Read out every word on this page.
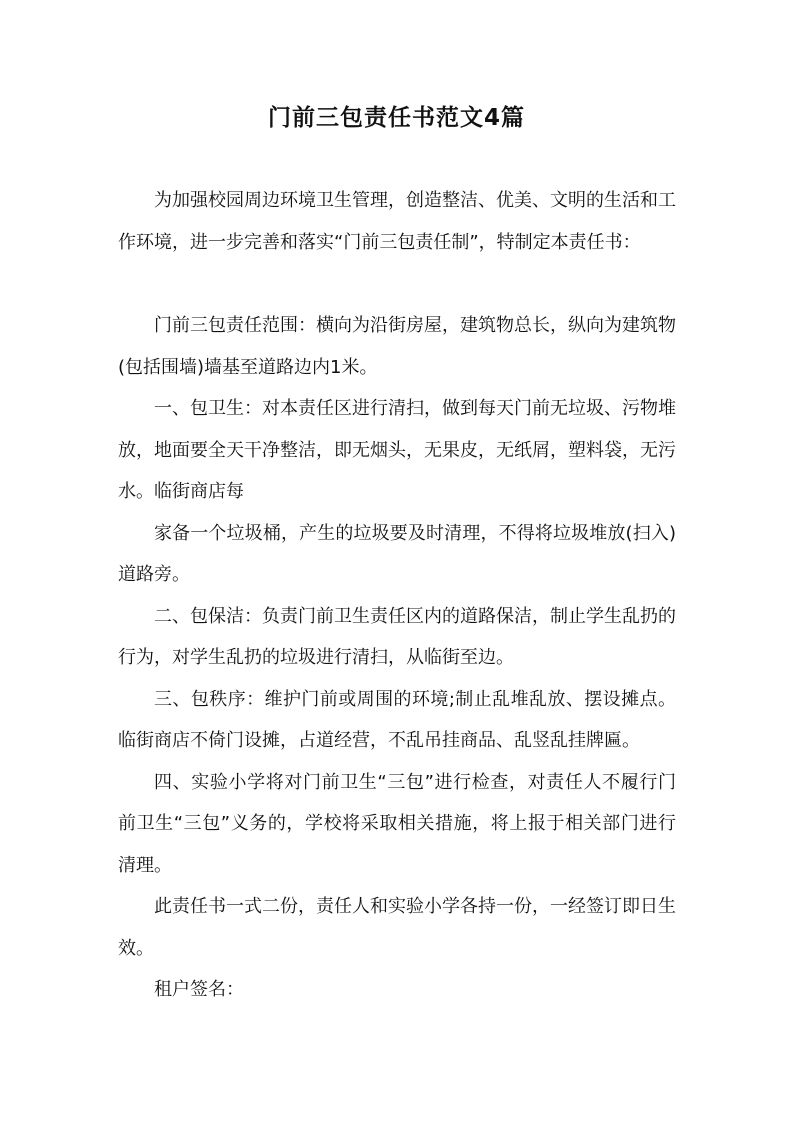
门前三包责任书范文4篇

为加强校园周边环境卫生管理，创造整洁、优美、文明的生活和工作环境，进一步完善和落实“门前三包责任制”，特制定本责任书：

门前三包责任范围：横向为沿街房屋，建筑物总长，纵向为建筑物(包括围墙)墙基至道路边内1米。

一、包卫生：对本责任区进行清扫，做到每天门前无垃圾、污物堆放，地面要全天干净整洁，即无烟头，无果皮，无纸屑，塑料袋，无污水。临街商店每

家备一个垃圾桶，产生的垃圾要及时清理，不得将垃圾堆放(扫入)道路旁。

二、包保洁：负责门前卫生责任区内的道路保洁，制止学生乱扔的行为，对学生乱扔的垃圾进行清扫，从临街至边。

三、包秩序：维护门前或周围的环境;制止乱堆乱放、摆设摊点。临街商店不倚门设摊，占道经营，不乱吊挂商品、乱竖乱挂牌匾。

四、实验小学将对门前卫生“三包”进行检查，对责任人不履行门前卫生“三包”义务的，学校将采取相关措施，将上报于相关部门进行清理。

此责任书一式二份，责任人和实验小学各持一份，一经签订即日生效。

租户签名：
